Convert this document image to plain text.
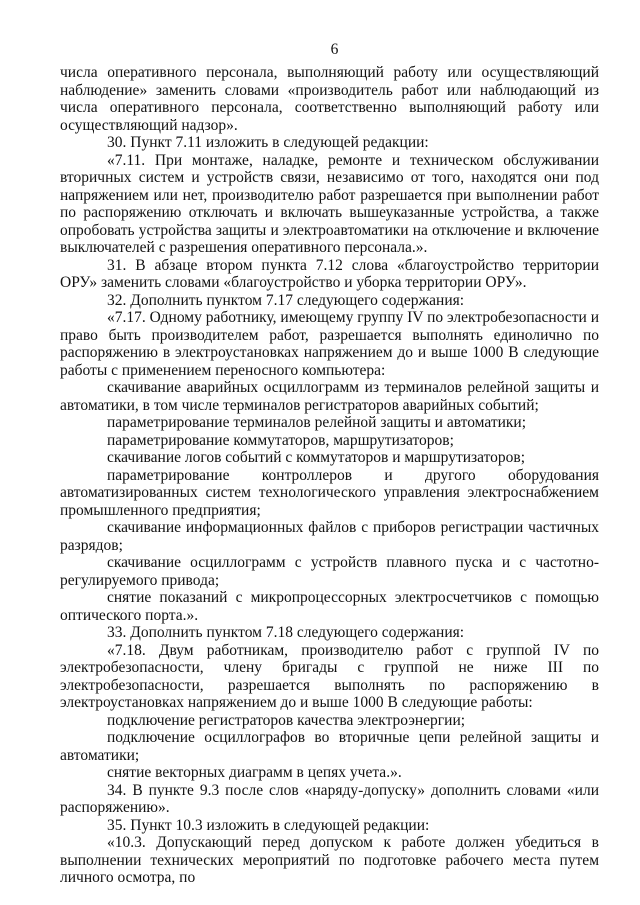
6

числа оперативного персонала, выполняющий работу или осуществляющий наблюдение» заменить словами «производитель работ или наблюдающий из числа оперативного персонала, соответственно выполняющий работу или осуществляющий надзор».

30. Пункт 7.11 изложить в следующей редакции:

«7.11. При монтаже, наладке, ремонте и техническом обслуживании вторичных систем и устройств связи, независимо от того, находятся они под напряжением или нет, производителю работ разрешается при выполнении работ по распоряжению отключать и включать вышеуказанные устройства, а также опробовать устройства защиты и электроавтоматики на отключение и включение выключателей с разрешения оперативного персонала.».

31. В абзаце втором пункта 7.12 слова «благоустройство территории ОРУ» заменить словами «благоустройство и уборка территории ОРУ».

32. Дополнить пунктом 7.17 следующего содержания:

«7.17. Одному работнику, имеющему группу IV по электробезопасности и право быть производителем работ, разрешается выполнять единолично по распоряжению в электроустановках напряжением до и выше 1000 В следующие работы с применением переносного компьютера:

скачивание аварийных осциллограмм из терминалов релейной защиты и автоматики, в том числе терминалов регистраторов аварийных событий;

параметрирование терминалов релейной защиты и автоматики;

параметрирование коммутаторов, маршрутизаторов;

скачивание логов событий с коммутаторов и маршрутизаторов;

параметрирование контроллеров и другого оборудования автоматизированных систем технологического управления электроснабжением промышленного предприятия;

скачивание информационных файлов с приборов регистрации частичных разрядов;

скачивание осциллограмм с устройств плавного пуска и с частотно-регулируемого привода;

снятие показаний с микропроцессорных электросчетчиков с помощью оптического порта.».

33. Дополнить пунктом 7.18 следующего содержания:

«7.18. Двум работникам, производителю работ с группой IV по электробезопасности, члену бригады с группой не ниже III по электробезопасности, разрешается выполнять по распоряжению в электроустановках напряжением до и выше 1000 В следующие работы:

подключение регистраторов качества электроэнергии;

подключение осциллографов во вторичные цепи релейной защиты и автоматики;

снятие векторных диаграмм в цепях учета.».

34. В пункте 9.3 после слов «наряду-допуску» дополнить словами «или распоряжению».

35. Пункт 10.3 изложить в следующей редакции:

«10.3. Допускающий перед допуском к работе должен убедиться в выполнении технических мероприятий по подготовке рабочего места путем личного осмотра, по
